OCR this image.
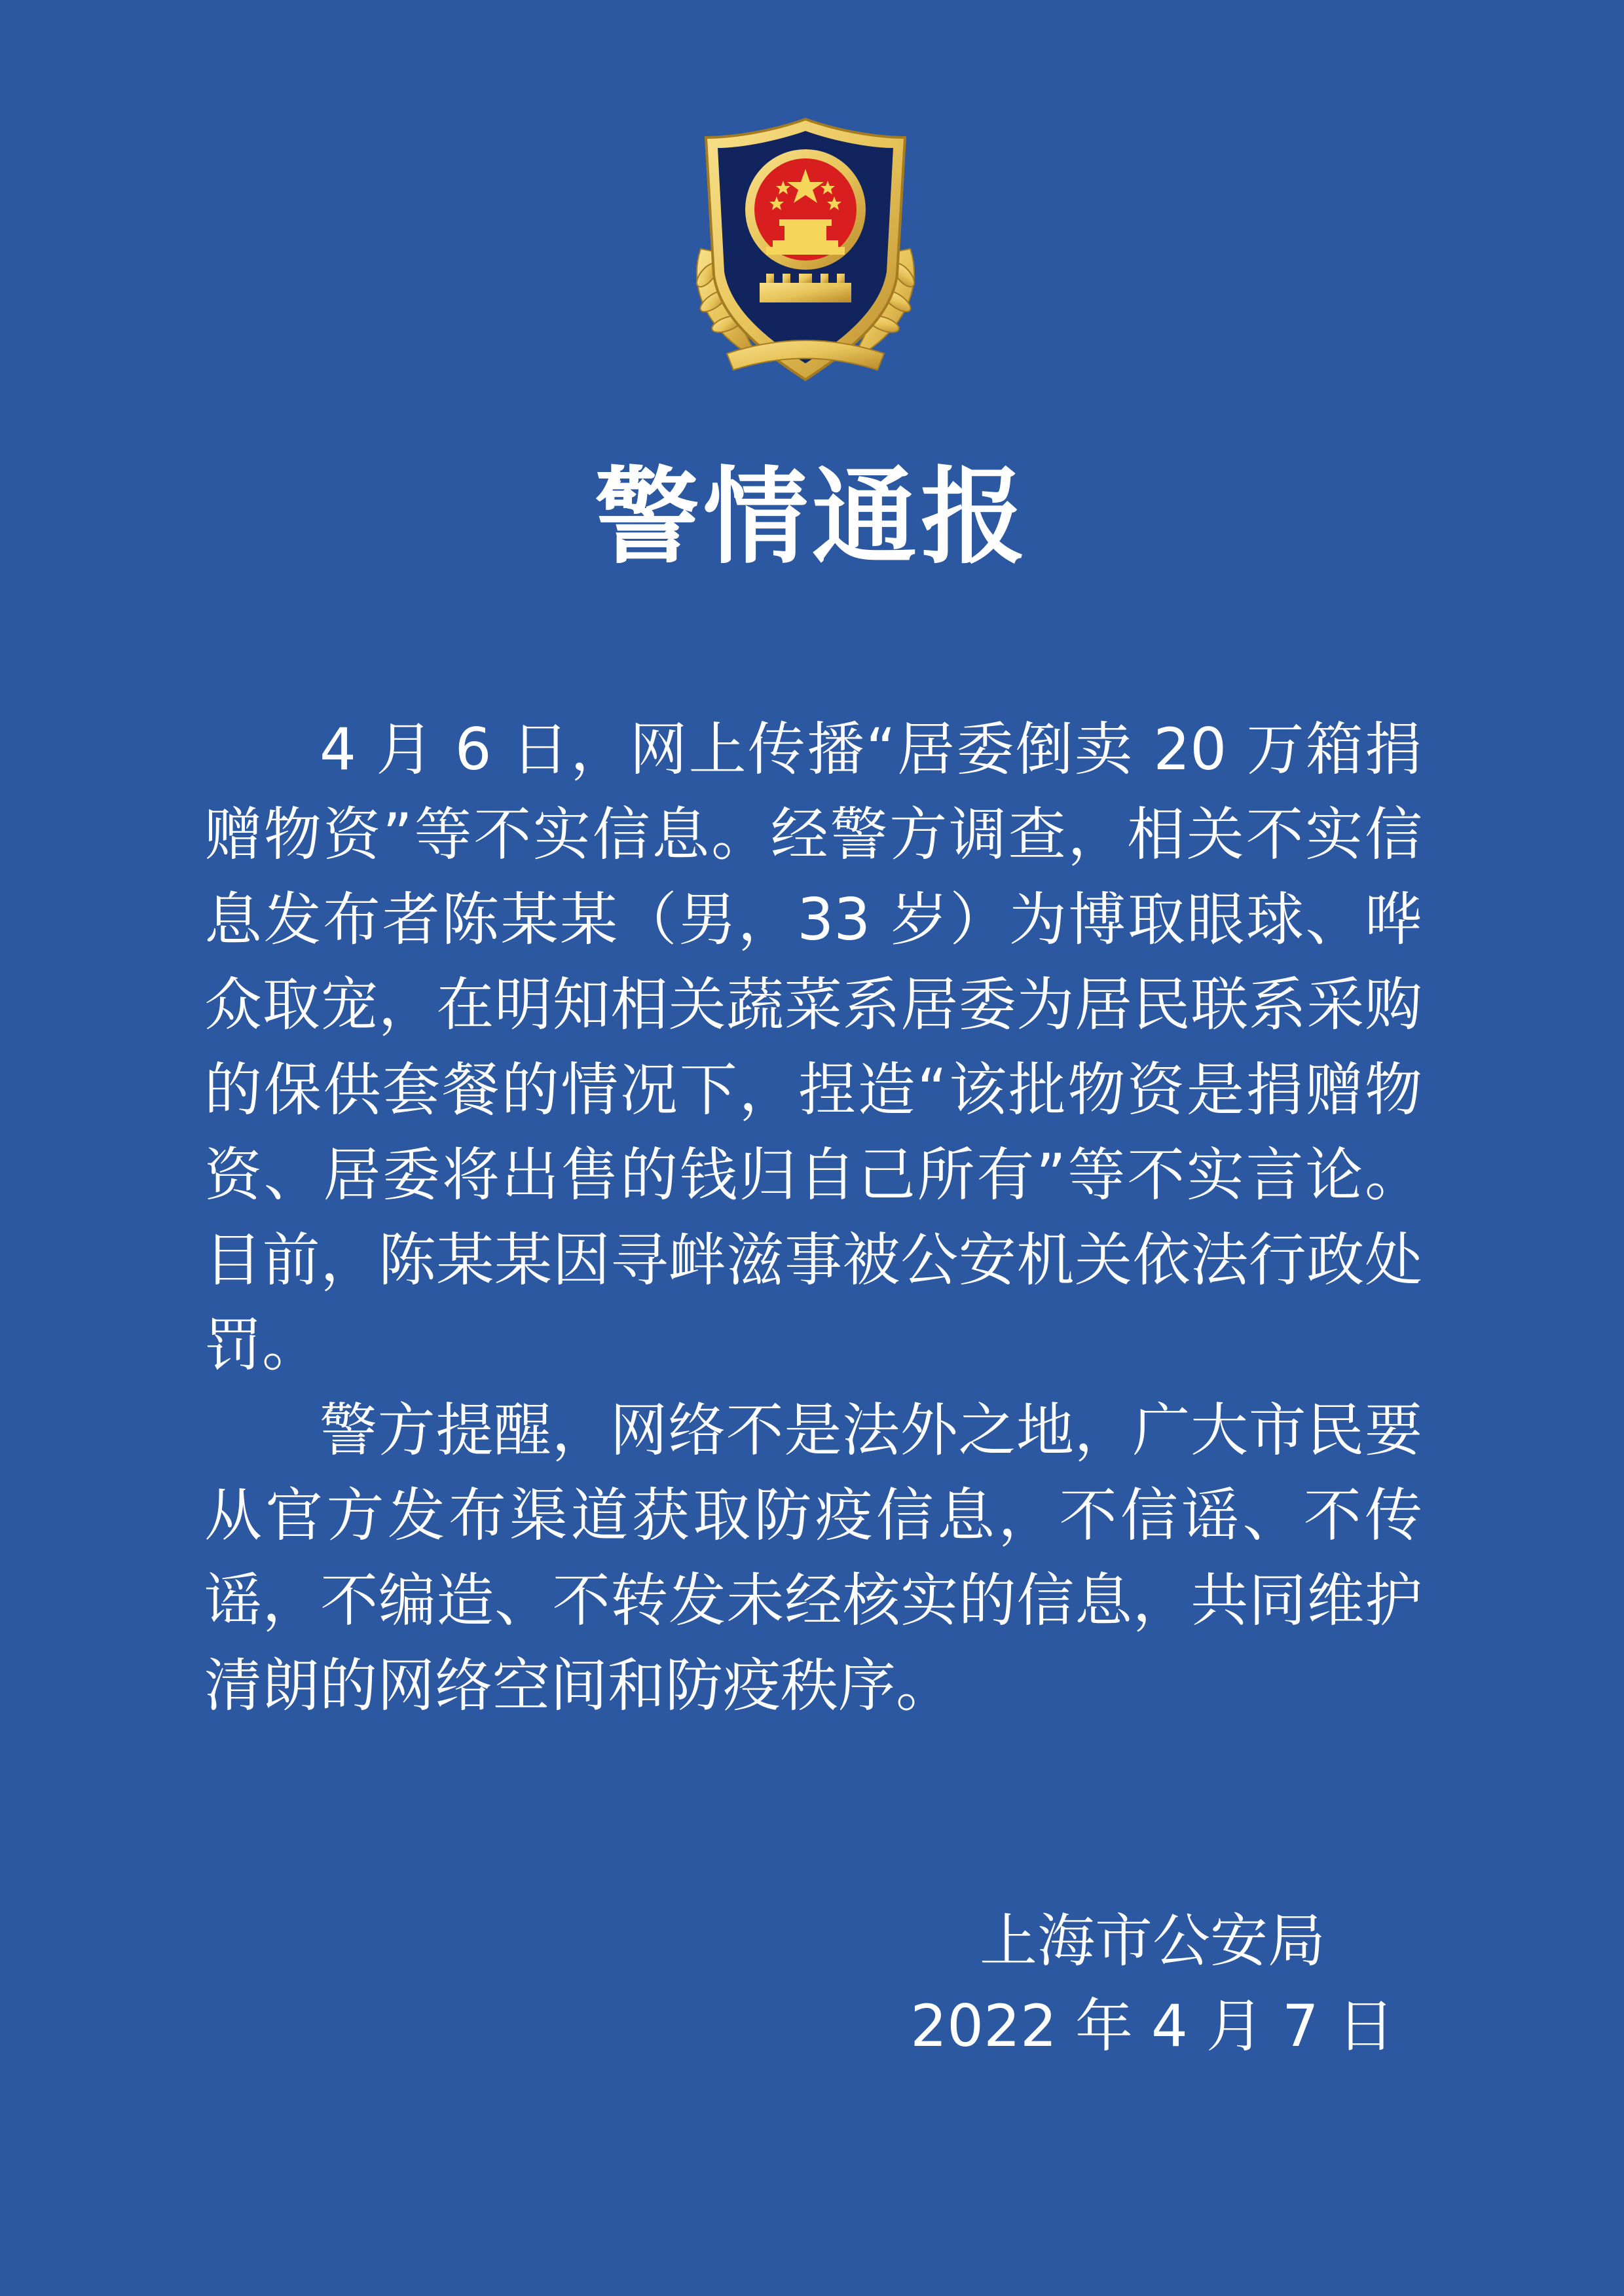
警情通报

4 月 6 日，网上传播“居委倒卖 20 万箱捐赠物资”等不实信息。经警方调查，相关不实信息发布者陈某某（男，33 岁）为博取眼球、哗众取宠，在明知相关蔬菜系居委为居民联系采购的保供套餐的情况下，捏造“该批物资是捐赠物资、居委将出售的钱归自己所有”等不实言论。目前，陈某某因寻衅滋事被公安机关依法行政处罚。

警方提醒，网络不是法外之地，广大市民要从官方发布渠道获取防疫信息，不信谣、不传谣，不编造、不转发未经核实的信息，共同维护清朗的网络空间和防疫秩序。

上海市公安局
2022 年 4 月 7 日
